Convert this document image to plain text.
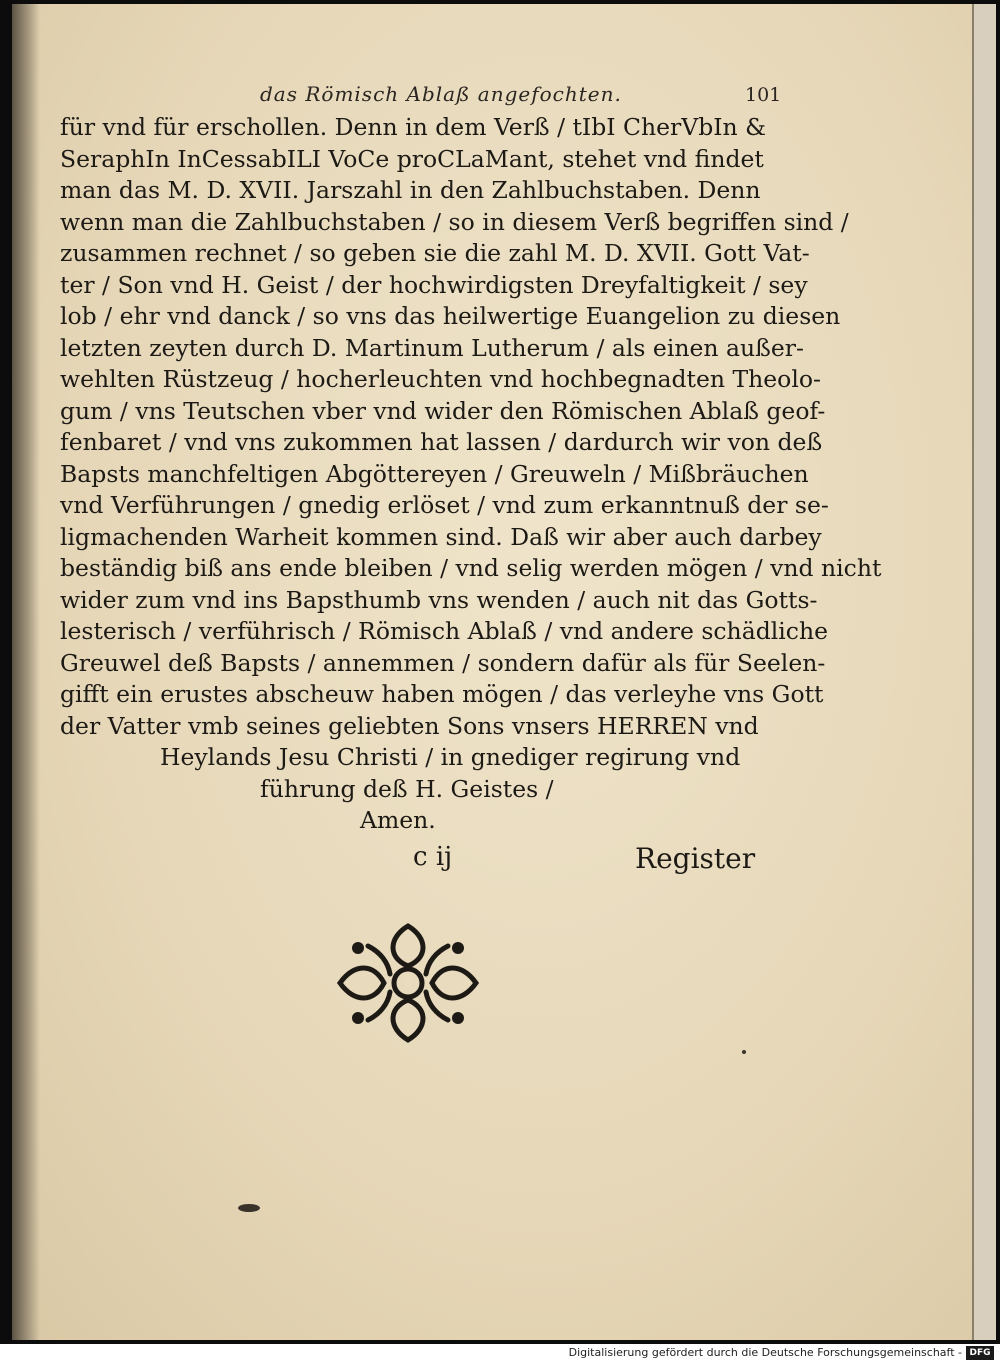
das Römisch Ablaß angefochten.	101
für vnd für erschollen. Denn in dem Verß / tIbI CherVbIn &
SeraphIn InCessabILI VoCe proCLaMant, stehet vnd findet
man das M. D. XVII. Jarszahl in den Zahlbuchstaben. Denn
wenn man die Zahlbuchstaben / so in diesem Verß begriffen sind /
zusammen rechnet / so geben sie die zahl M. D. XVII. Gott Vat-
ter / Son vnd H. Geist / der hochwirdigsten Dreyfaltigkeit / sey
lob / ehr vnd danck / so vns das heilwertige Euangelion zu diesen
letzten zeyten durch D. Martinum Lutherum / als einen außer-
wehlten Rüstzeug / hocherleuchten vnd hochbegnadten Theolo-
gum / vns Teutschen vber vnd wider den Römischen Ablaß geof-
fenbaret / vnd vns zukommen hat lassen / dardurch wir von deß
Bapsts manchfeltigen Abgöttereyen / Greuweln / Mißbräuchen
vnd Verführungen / gnedig erlöset / vnd zum erkanntnuß der se-
ligmachenden Warheit kommen sind. Daß wir aber auch darbey
beständig biß ans ende bleiben / vnd selig werden mögen / vnd nicht
wider zum vnd ins Bapsthumb vns wenden / auch nit das Gotts-
lesterisch / verführisch / Römisch Ablaß / vnd andere schädliche
Greuwel deß Bapsts / annemmen / sondern dafür als für Seelen-
gifft ein erustes abscheuw haben mögen / das verleyhe vns Gott
der Vatter vmb seines geliebten Sons vnsers HERREN vnd
Heylands Jesu Christi / in gnediger regirung vnd
führung deß H. Geistes /
Amen.
c ij	Register
Digitalisierung gefördert durch die Deutsche Forschungsgemeinschaft - DFG
